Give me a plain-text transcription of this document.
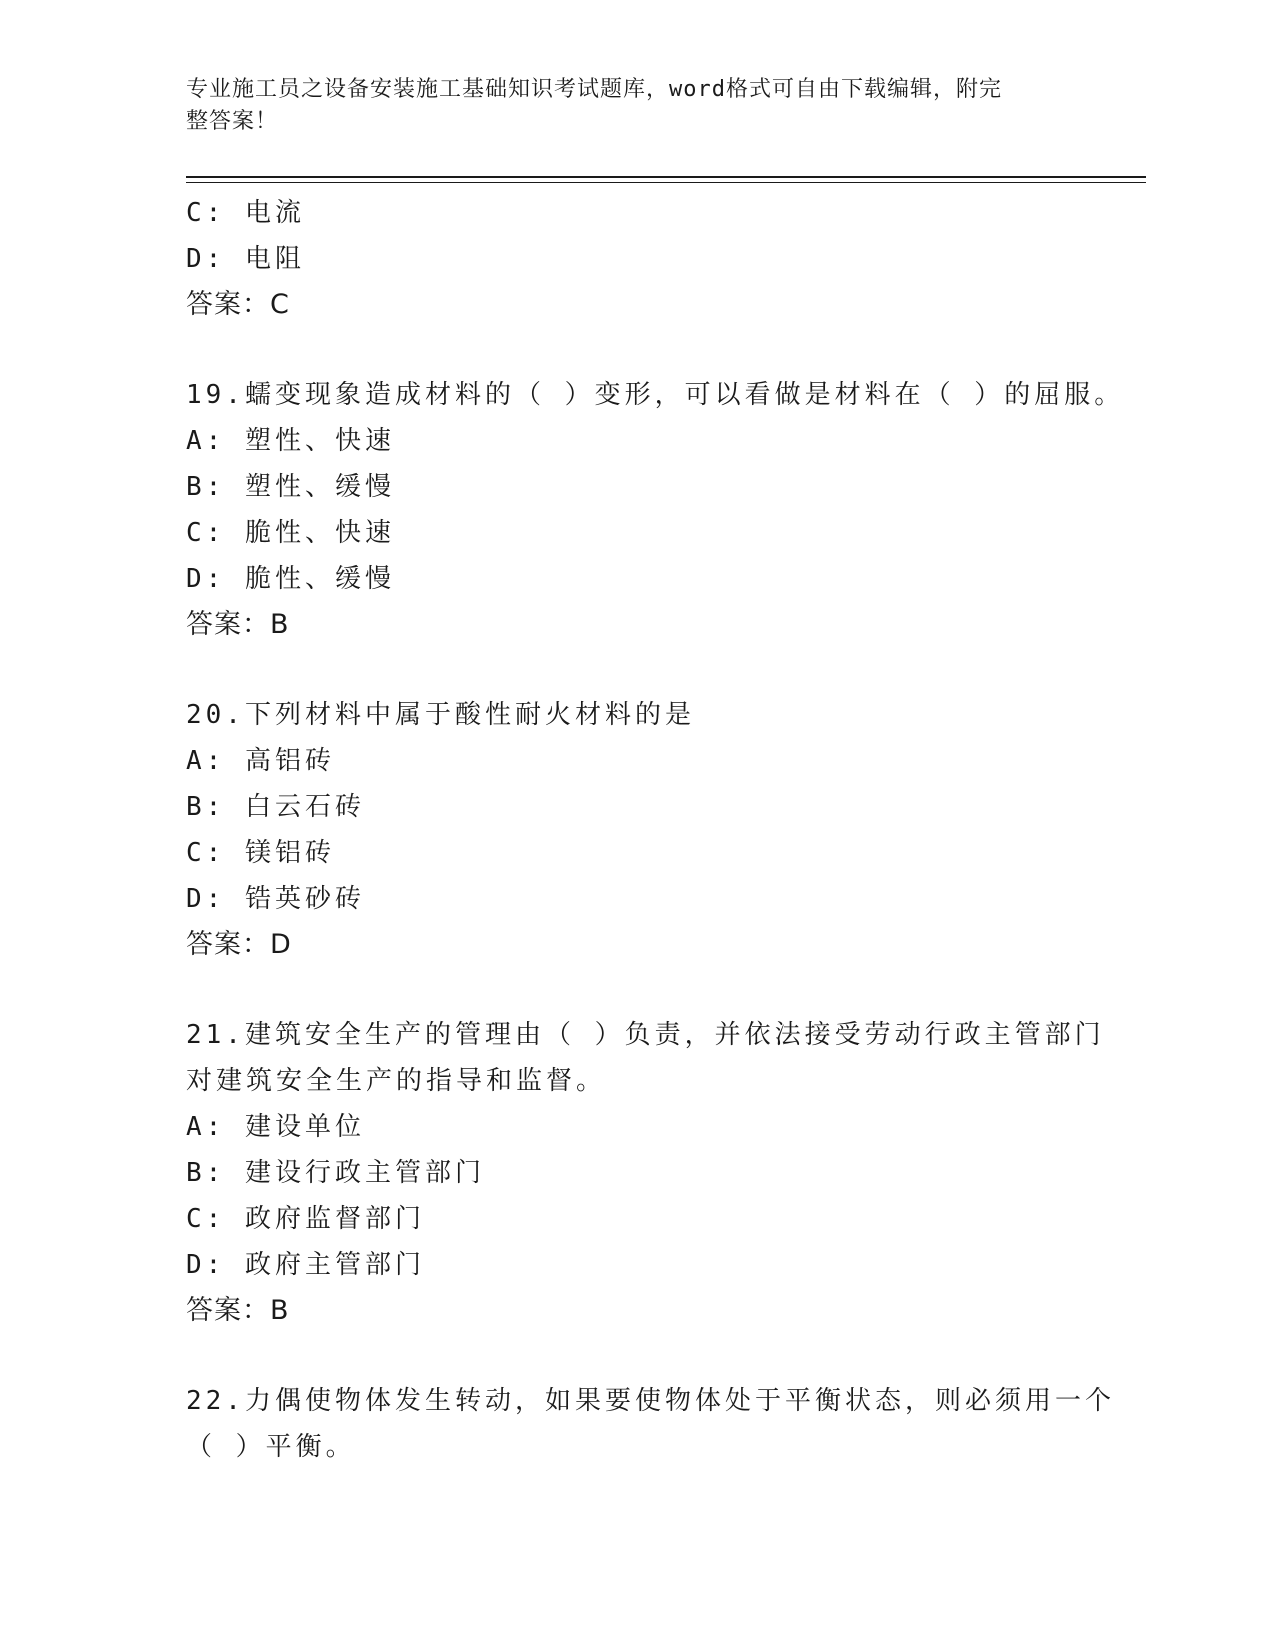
专业施工员之设备安装施工基础知识考试题库，word格式可自由下载编辑，附完
整答案！
C: 电流
D: 电阻
答案：C
19.蠕变现象造成材料的（ ）变形，可以看做是材料在（ ）的屈服。
A: 塑性、快速
B: 塑性、缓慢
C: 脆性、快速
D: 脆性、缓慢
答案：B
20.下列材料中属于酸性耐火材料的是
A: 高铝砖
B: 白云石砖
C: 镁铝砖
D: 锆英砂砖
答案：D
21.建筑安全生产的管理由（ ）负责，并依法接受劳动行政主管部门
对建筑安全生产的指导和监督。
A: 建设单位
B: 建设行政主管部门
C: 政府监督部门
D: 政府主管部门
答案：B
22.力偶使物体发生转动，如果要使物体处于平衡状态，则必须用一个
（ ）平衡。
